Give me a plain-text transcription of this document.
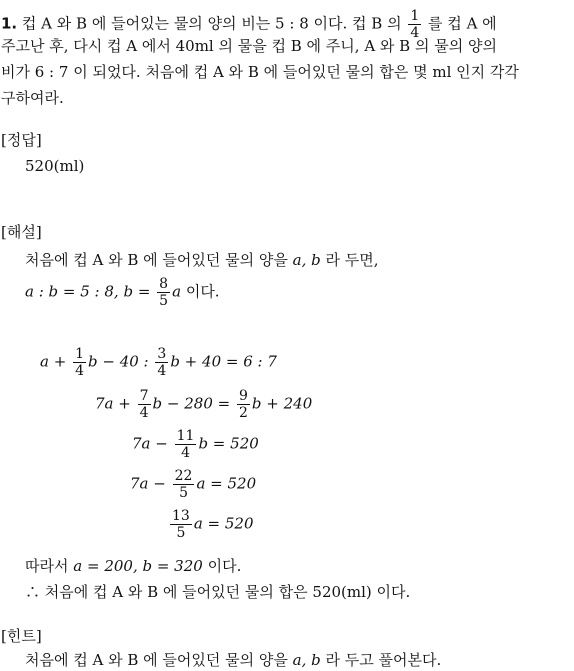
1. 컵 A 와 B 에 들어있는 물의 양의 비는 5 : 8 이다. 컵 B 의 $\frac{1}{4}$ 를 컵 A 에
주고난 후, 다시 컵 A 에서 40ml 의 물을 컵 B 에 주니, A 와 B 의 물의 양의
비가 6 : 7 이 되었다. 처음에 컵 A 와 B 에 들어있던 물의 합은 몇 ml 인지 각각
구하여라.
[정답]
520(ml)
[해설]
처음에 컵 A 와 B 에 들어있던 물의 양을 a, b 라 두면,
a : b = 5 : 8, $b = \frac{8}{5}$ a 이다.
$a + \frac{1}{4}$ b − 40 : $\frac{3}{4}$ b + 40 = 6 : 7
$7a + \frac{7}{4}$ $b - 280 = \frac{9}{2}$ b + 240
$7a - \frac{11}{4}$ b = 520
$7a - \frac{22}{5}$ a = 520
$\frac{13}{5}$ a = 520
따라서 a = 200, b = 320 이다.
∴ 처음에 컵 A 와 B 에 들어있던 물의 합은 520(ml) 이다.
[힌트]
처음에 컵 A 와 B 에 들어있던 물의 양을 a, b 라 두고 풀어본다.
